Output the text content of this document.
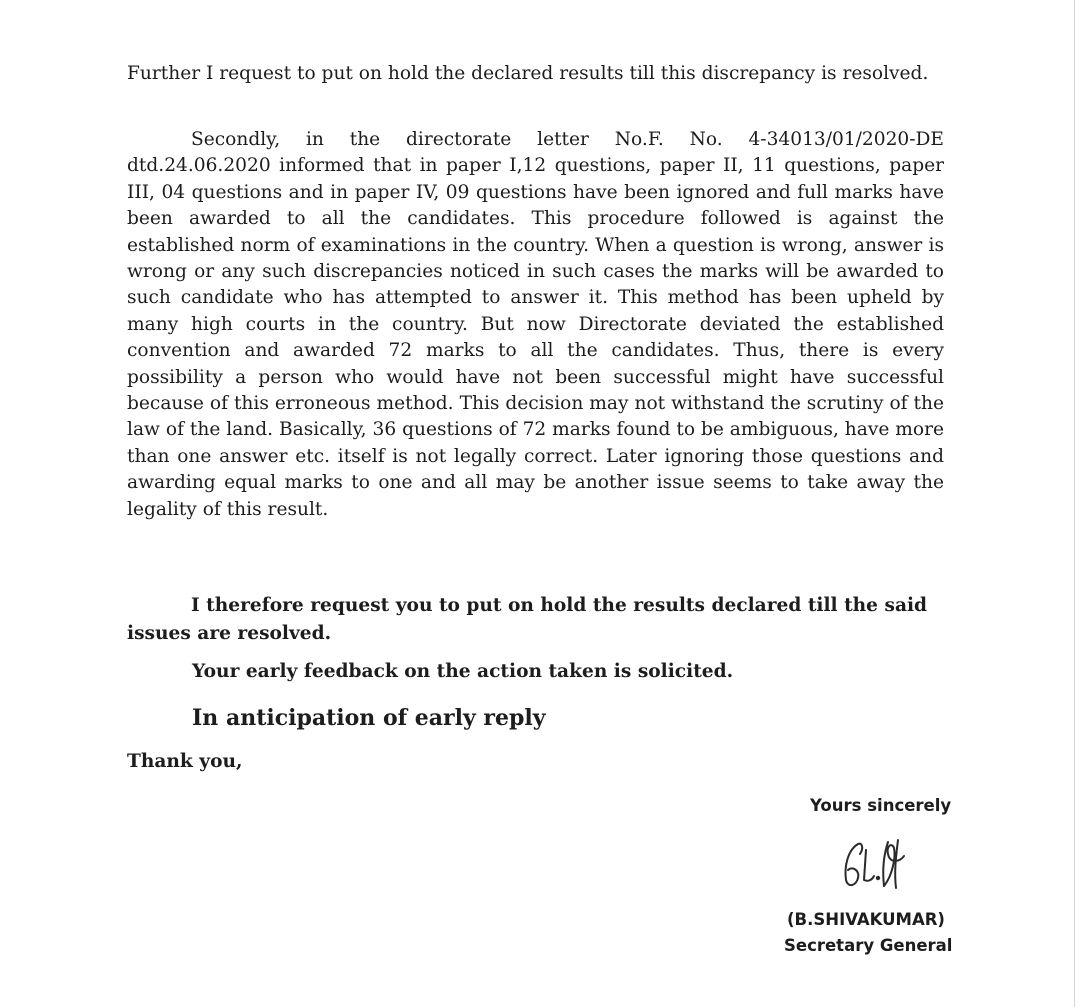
Further I request to put on hold the declared results till this discrepancy is resolved.

Secondly, in the directorate letter No.F. No. 4-34013/01/2020-DE dtd.24.06.2020 informed that in paper I,12 questions, paper II, 11 questions, paper III, 04 questions and in paper IV, 09 questions have been ignored and full marks have been awarded to all the candidates. This procedure followed is against the established norm of examinations in the country. When a question is wrong, answer is wrong or any such discrepancies noticed in such cases the marks will be awarded to such candidate who has attempted to answer it. This method has been upheld by many high courts in the country. But now Directorate deviated the established convention and awarded 72 marks to all the candidates. Thus, there is every possibility a person who would have not been successful might have successful because of this erroneous method. This decision may not withstand the scrutiny of the law of the land. Basically, 36 questions of 72 marks found to be ambiguous, have more than one answer etc. itself is not legally correct. Later ignoring those questions and awarding equal marks to one and all may be another issue seems to take away the legality of this result.

I therefore request you to put on hold the results declared till the said issues are resolved.

Your early feedback on the action taken is solicited.

In anticipation of early reply

Thank you,

Yours sincerely
(B.SHIVAKUMAR)
Secretary General
